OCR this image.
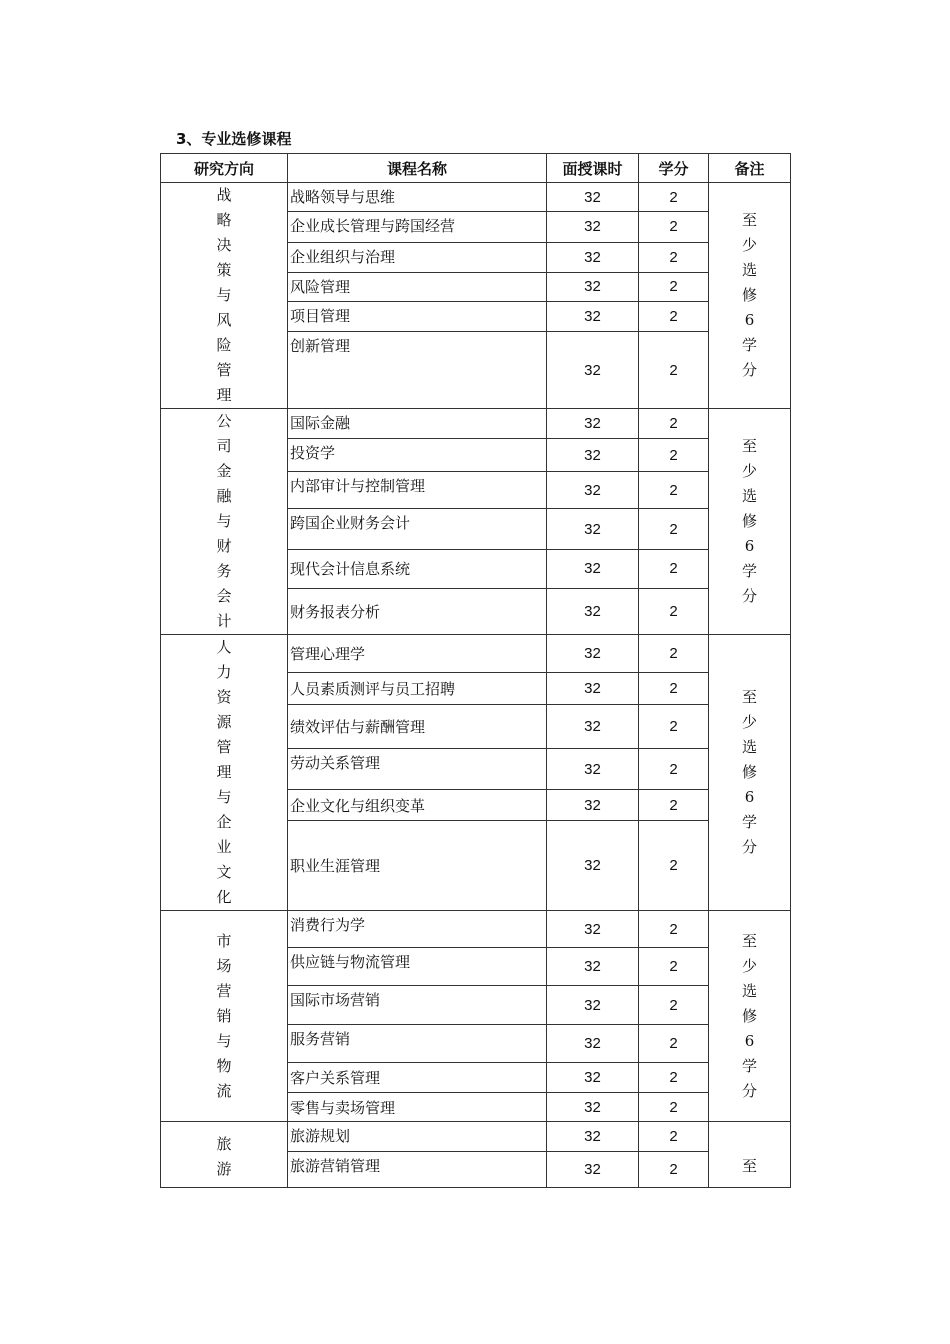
3、专业选修课程
研究方向	课程名称	面授课时	学分	备注
战略决策与风险管理	战略领导与思维	32	2	至少选修6学分
	企业成长管理与跨国经营	32	2	
	企业组织与治理	32	2	
	风险管理	32	2	
	项目管理	32	2	
	创新管理	32	2	
公司金融与财务会计	国际金融	32	2	至少选修6学分
	投资学	32	2	
	内部审计与控制管理	32	2	
	跨国企业财务会计	32	2	
	现代会计信息系统	32	2	
	财务报表分析	32	2	
人力资源管理与企业文化	管理心理学	32	2	至少选修6学分
	人员素质测评与员工招聘	32	2	
	绩效评估与薪酬管理	32	2	
	劳动关系管理	32	2	
	企业文化与组织变革	32	2	
	职业生涯管理	32	2	
市场营销与物流	消费行为学	32	2	至少选修6学分
	供应链与物流管理	32	2	
	国际市场营销	32	2	
	服务营销	32	2	
	客户关系管理	32	2	
	零售与卖场管理	32	2	
旅游	旅游规划	32	2	至
	旅游营销管理	32	2	
